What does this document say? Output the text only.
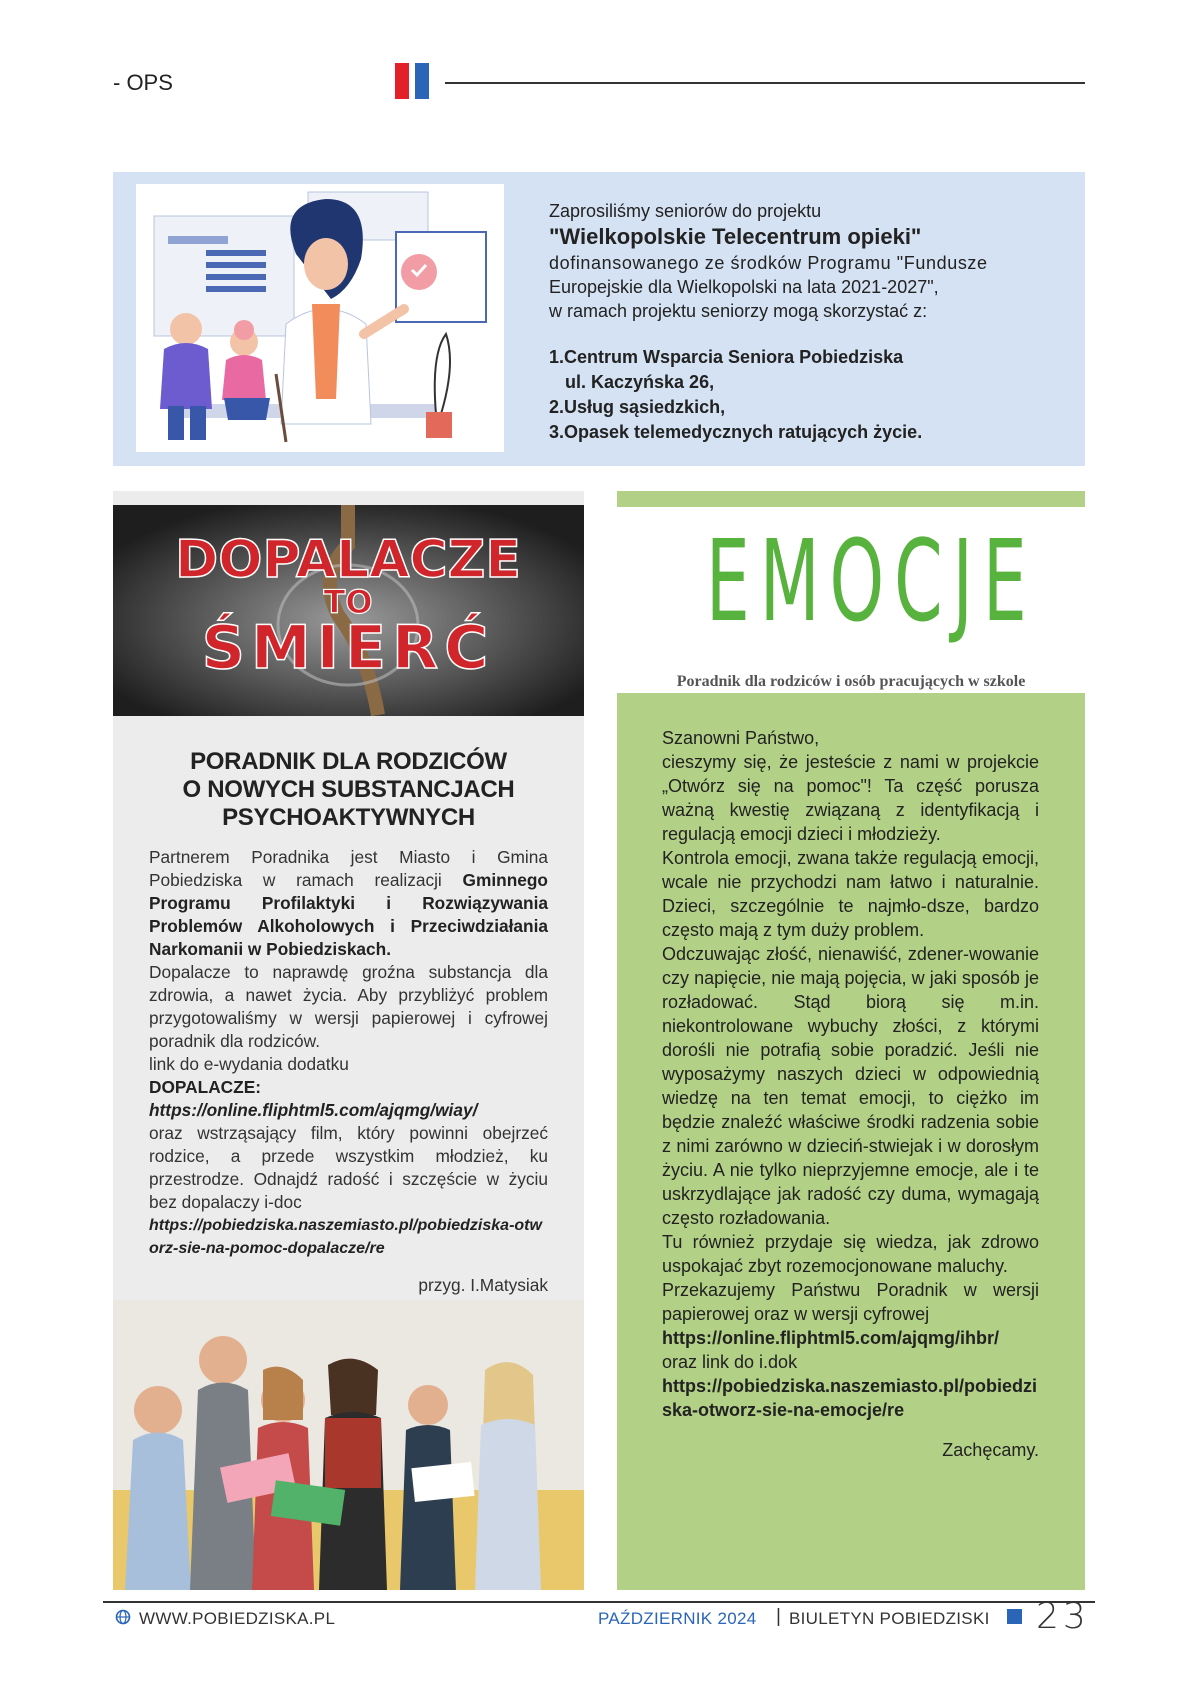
- OPS
Zaprosiliśmy seniorów do projektu
"Wielkopolskie Telecentrum opieki"
dofinansowanego ze środków Programu "Fundusze
Europejskie dla Wielkopolski na lata 2021-2027",
w ramach projektu seniorzy mogą skorzystać z:
1.Centrum Wsparcia Seniora Pobiedziska
ul. Kaczyńska 26,
2.Usług sąsiedzkich,
3.Opasek telemedycznych ratujących życie.
DOPALACZE
TO
ŚMIERĆ
PORADNIK DLA RODZICÓW
O NOWYCH SUBSTANCJACH
PSYCHOAKTYWNYCH
Partnerem Poradnika jest Miasto i Gmina Pobiedziska w ramach realizacji Gminnego Programu Profilaktyki i Rozwiązywania Problemów Alkoholowych i Przeciwdziałania Narkomanii w Pobiedziskach.
Dopalacze to naprawdę groźna substancja dla zdrowia, a nawet życia. Aby przybliżyć problem przygotowaliśmy w wersji papierowej i cyfrowej poradnik dla rodziców.
link do e-wydania dodatku
DOPALACZE:
https://online.fliphtml5.com/ajqmg/wiay/
oraz wstrząsający film, który powinni obejrzeć rodzice, a przede wszystkim młodzież, ku przestrodze. Odnajdź radość i szczęście w życiu bez dopalaczy i-doc
https://pobiedziska.naszemiasto.pl/pobiedziska-otworz-sie-na-pomoc-dopalacze/re
przyg. I.Matysiak
EMOCJE
Poradnik dla rodziców i osób pracujących w szkole
Szanowni Państwo,
cieszymy się, że jesteście z nami w projekcie „Otwórz się na pomoc"! Ta część porusza ważną kwestię związaną z identyfikacją i regulacją emocji dzieci i młodzieży.
Kontrola emocji, zwana także regulacją emocji, wcale nie przychodzi nam łatwo i naturalnie. Dzieci, szczególnie te najmło-dsze, bardzo często mają z tym duży problem.
Odczuwając złość, nienawiść, zdener-wowanie czy napięcie, nie mają pojęcia, w jaki sposób je rozładować. Stąd biorą się m.in. niekontrolowane wybuchy złości, z którymi dorośli nie potrafią sobie poradzić. Jeśli nie wyposażymy naszych dzieci w odpowiednią wiedzę na ten temat emocji, to ciężko im będzie znaleźć właściwe środki radzenia sobie z nimi zarówno w dzieciń-stwiejak i w dorosłym życiu. A nie tylko nieprzyjemne emocje, ale i te uskrzydlające jak radość czy duma, wymagają często rozładowania.
Tu również przydaje się wiedza, jak zdrowo uspokajać zbyt rozemocjonowane maluchy.
Przekazujemy Państwu Poradnik w wersji papierowej oraz w wersji cyfrowej
https://online.fliphtml5.com/ajqmg/ihbr/
oraz link do i.dok
https://pobiedziska.naszemiasto.pl/pobiedziska-otworz-sie-na-emocje/re
Zachęcamy.
WWW.POBIEDZISKA.PL	PAŹDZIERNIK 2024 | BIULETYN POBIEDZISKI 23
